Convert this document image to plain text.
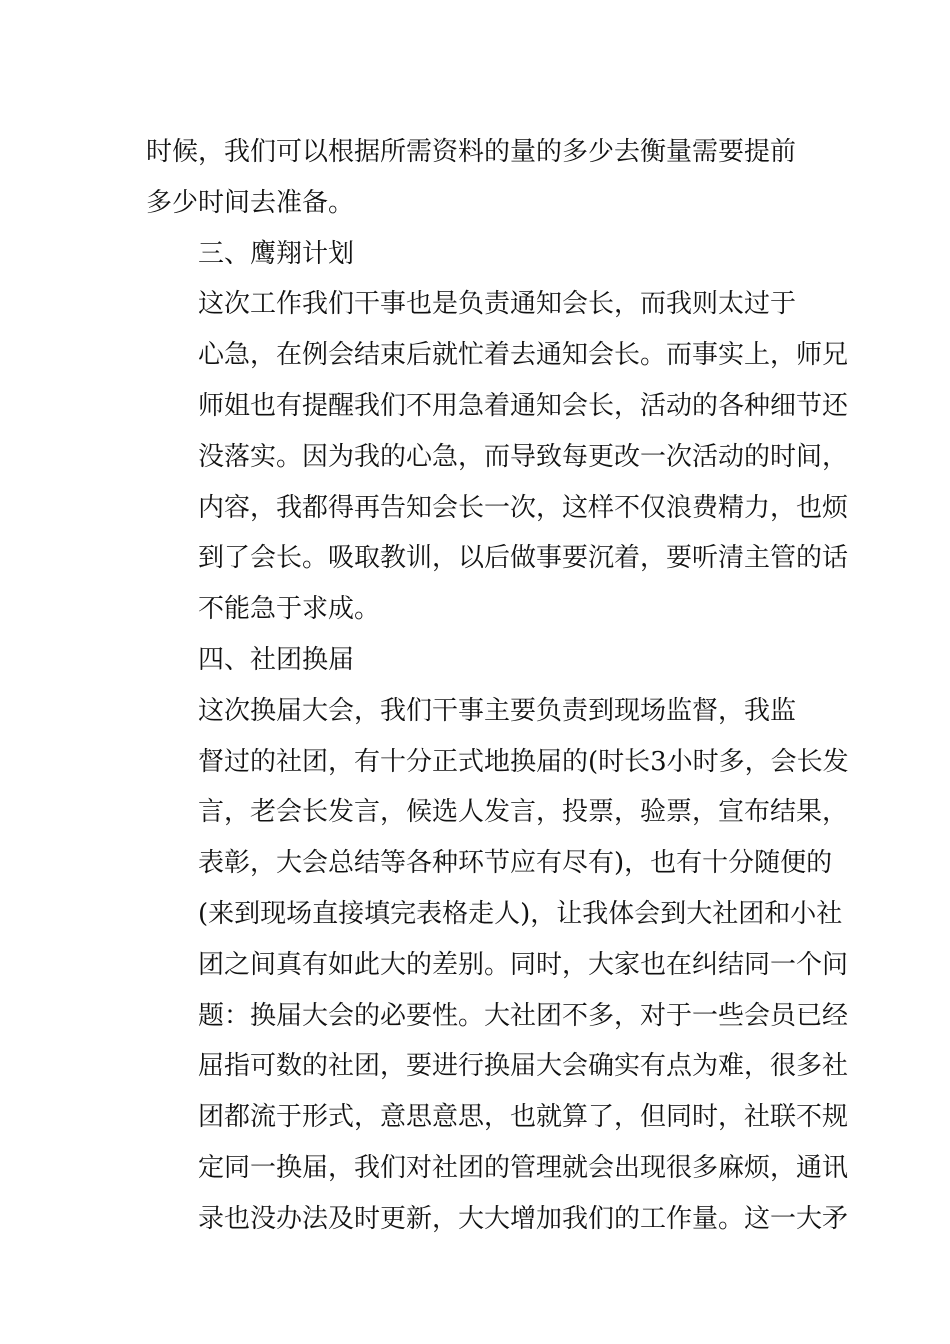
时候，我们可以根据所需资料的量的多少去衡量需要提前
多少时间去准备。

三、鹰翔计划

这次工作我们干事也是负责通知会长，而我则太过于
心急，在例会结束后就忙着去通知会长。而事实上，师兄
师姐也有提醒我们不用急着通知会长，活动的各种细节还
没落实。因为我的心急，而导致每更改一次活动的时间，
内容，我都得再告知会长一次，这样不仅浪费精力，也烦
到了会长。吸取教训，以后做事要沉着，要听清主管的话
不能急于求成。

四、社团换届

这次换届大会，我们干事主要负责到现场监督，我监
督过的社团，有十分正式地换届的(时长3小时多，会长发
言，老会长发言，候选人发言，投票，验票，宣布结果，
表彰，大会总结等各种环节应有尽有)，也有十分随便的
(来到现场直接填完表格走人)，让我体会到大社团和小社
团之间真有如此大的差别。同时，大家也在纠结同一个问
题：换届大会的必要性。大社团不多，对于一些会员已经
屈指可数的社团，要进行换届大会确实有点为难，很多社
团都流于形式，意思意思，也就算了，但同时，社联不规
定同一换届，我们对社团的管理就会出现很多麻烦，通讯
录也没办法及时更新，大大增加我们的工作量。这一大矛
